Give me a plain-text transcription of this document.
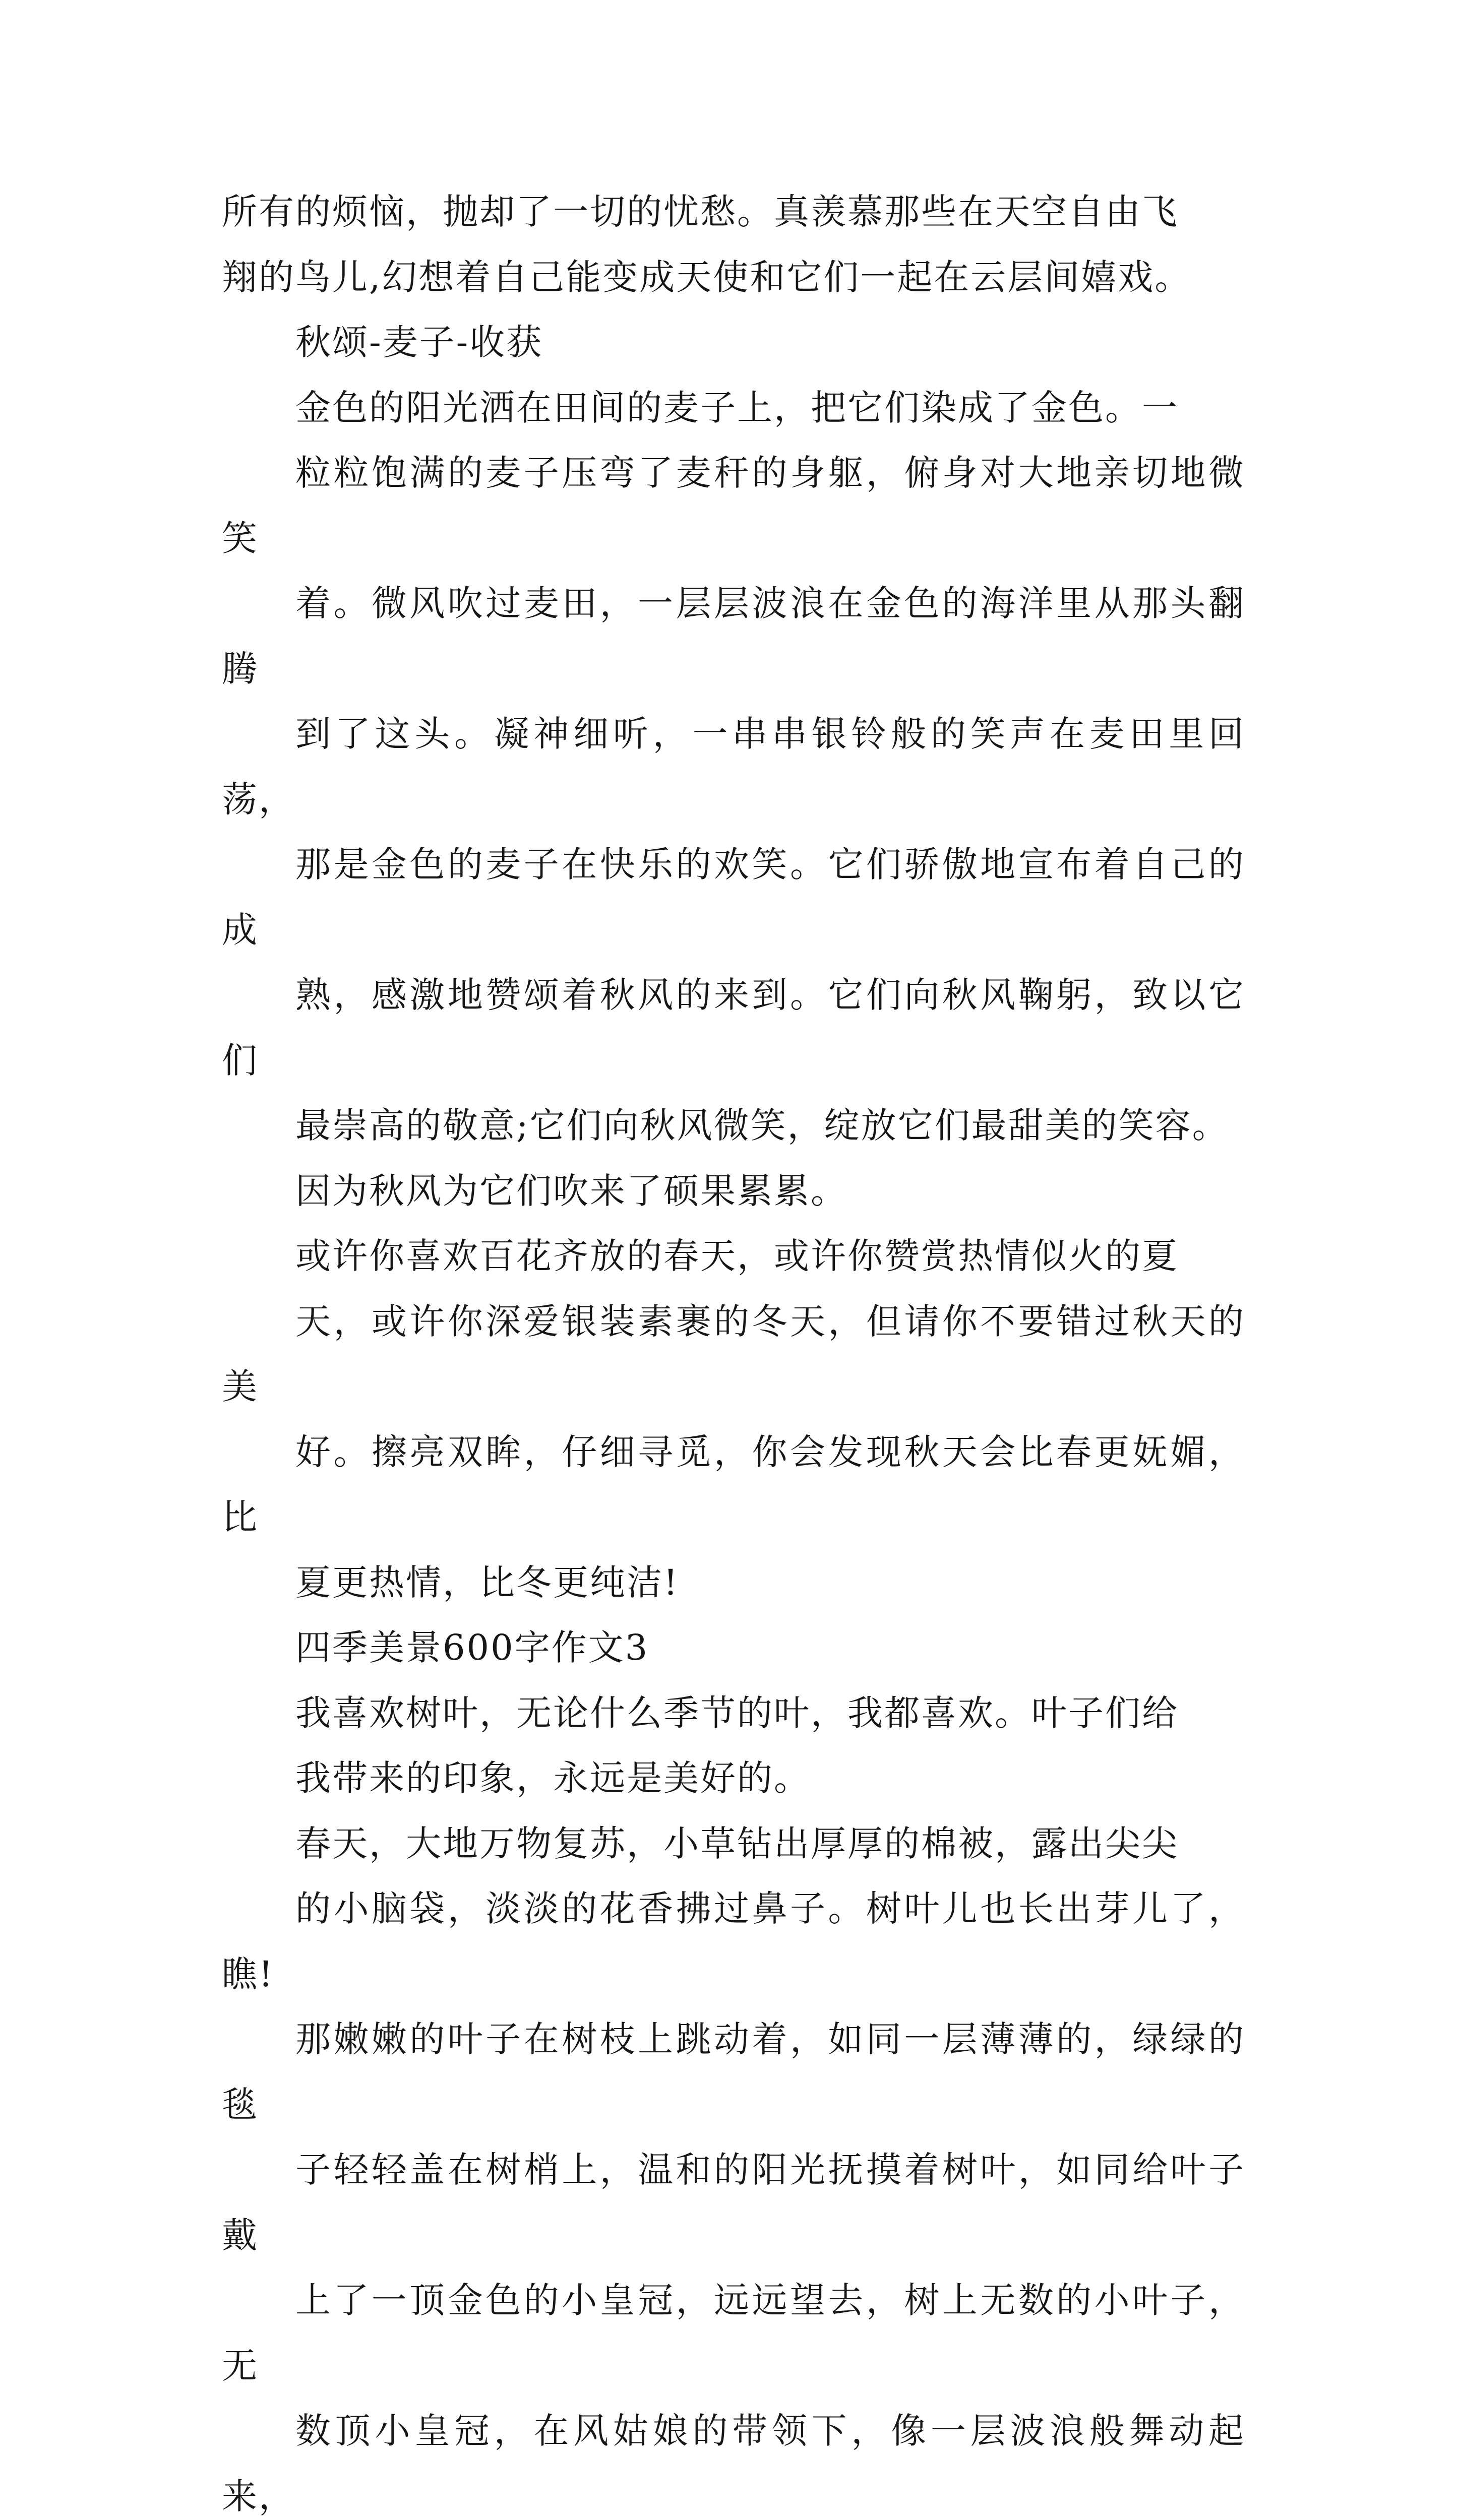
所有的烦恼，抛却了一切的忧愁。真羡慕那些在天空自由飞
翔的鸟儿,幻想着自己能变成天使和它们一起在云层间嬉戏。

秋颂-麦子-收获

金色的阳光洒在田间的麦子上，把它们染成了金色。一
粒粒饱满的麦子压弯了麦秆的身躯，俯身对大地亲切地微笑
着。微风吹过麦田，一层层波浪在金色的海洋里从那头翻腾
到了这头。凝神细听，一串串银铃般的笑声在麦田里回荡，
那是金色的麦子在快乐的欢笑。它们骄傲地宣布着自己的成
熟，感激地赞颂着秋风的来到。它们向秋风鞠躬，致以它们
最崇高的敬意;它们向秋风微笑，绽放它们最甜美的笑容。
因为秋风为它们吹来了硕果累累。

或许你喜欢百花齐放的春天，或许你赞赏热情似火的夏
天，或许你深爱银装素裹的冬天，但请你不要错过秋天的美
好。擦亮双眸，仔细寻觅，你会发现秋天会比春更妩媚，比
夏更热情，比冬更纯洁!

四季美景600字作文3

我喜欢树叶，无论什么季节的叶，我都喜欢。叶子们给
我带来的印象，永远是美好的。

春天，大地万物复苏，小草钻出厚厚的棉被，露出尖尖
的小脑袋，淡淡的花香拂过鼻子。树叶儿也长出芽儿了，瞧!
那嫩嫩的叶子在树枝上跳动着，如同一层薄薄的，绿绿的毯
子轻轻盖在树梢上，温和的阳光抚摸着树叶，如同给叶子戴
上了一顶金色的小皇冠，远远望去，树上无数的小叶子，无
数顶小皇冠，在风姑娘的带领下，像一层波浪般舞动起来，
